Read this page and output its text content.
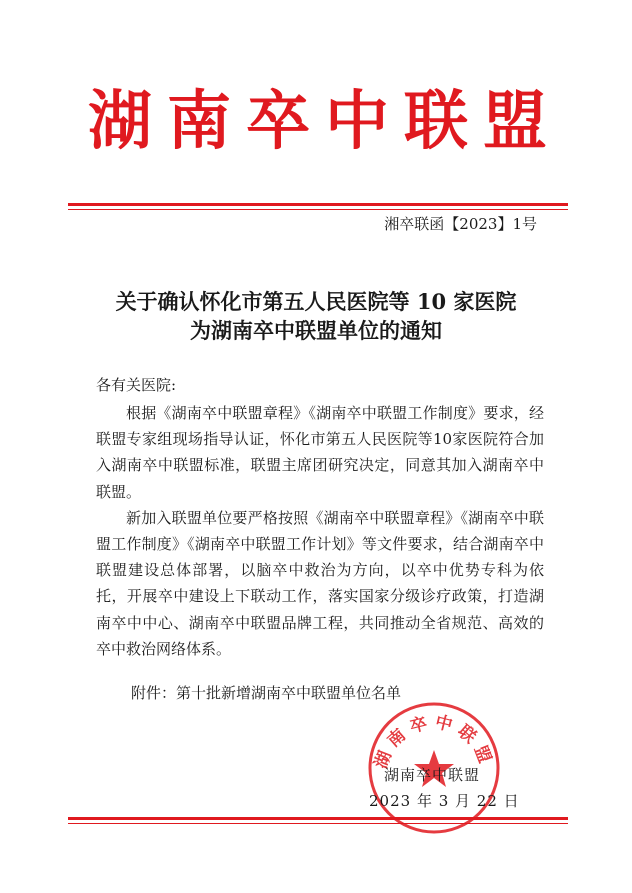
湖南卒中联盟
湘卒联函【2023】1号
关于确认怀化市第五人民医院等 10 家医院
为湖南卒中联盟单位的通知
各有关医院:

根据《湖南卒中联盟章程》《湖南卒中联盟工作制度》要求，经联盟专家组现场指导认证，怀化市第五人民医院等10家医院符合加入湖南卒中联盟标准，联盟主席团研究决定，同意其加入湖南卒中联盟。

新加入联盟单位要严格按照《湖南卒中联盟章程》《湖南卒中联盟工作制度》《湖南卒中联盟工作计划》等文件要求，结合湖南卒中联盟建设总体部署，以脑卒中救治为方向，以卒中优势专科为依托，开展卒中建设上下联动工作，落实国家分级诊疗政策，打造湖南卒中中心、湖南卒中联盟品牌工程，共同推动全省规范、高效的卒中救治网络体系。

附件：第十批新增湖南卒中联盟单位名单
湖南卒中联盟
湖南卒中联盟
2023 年 3 月 22 日
